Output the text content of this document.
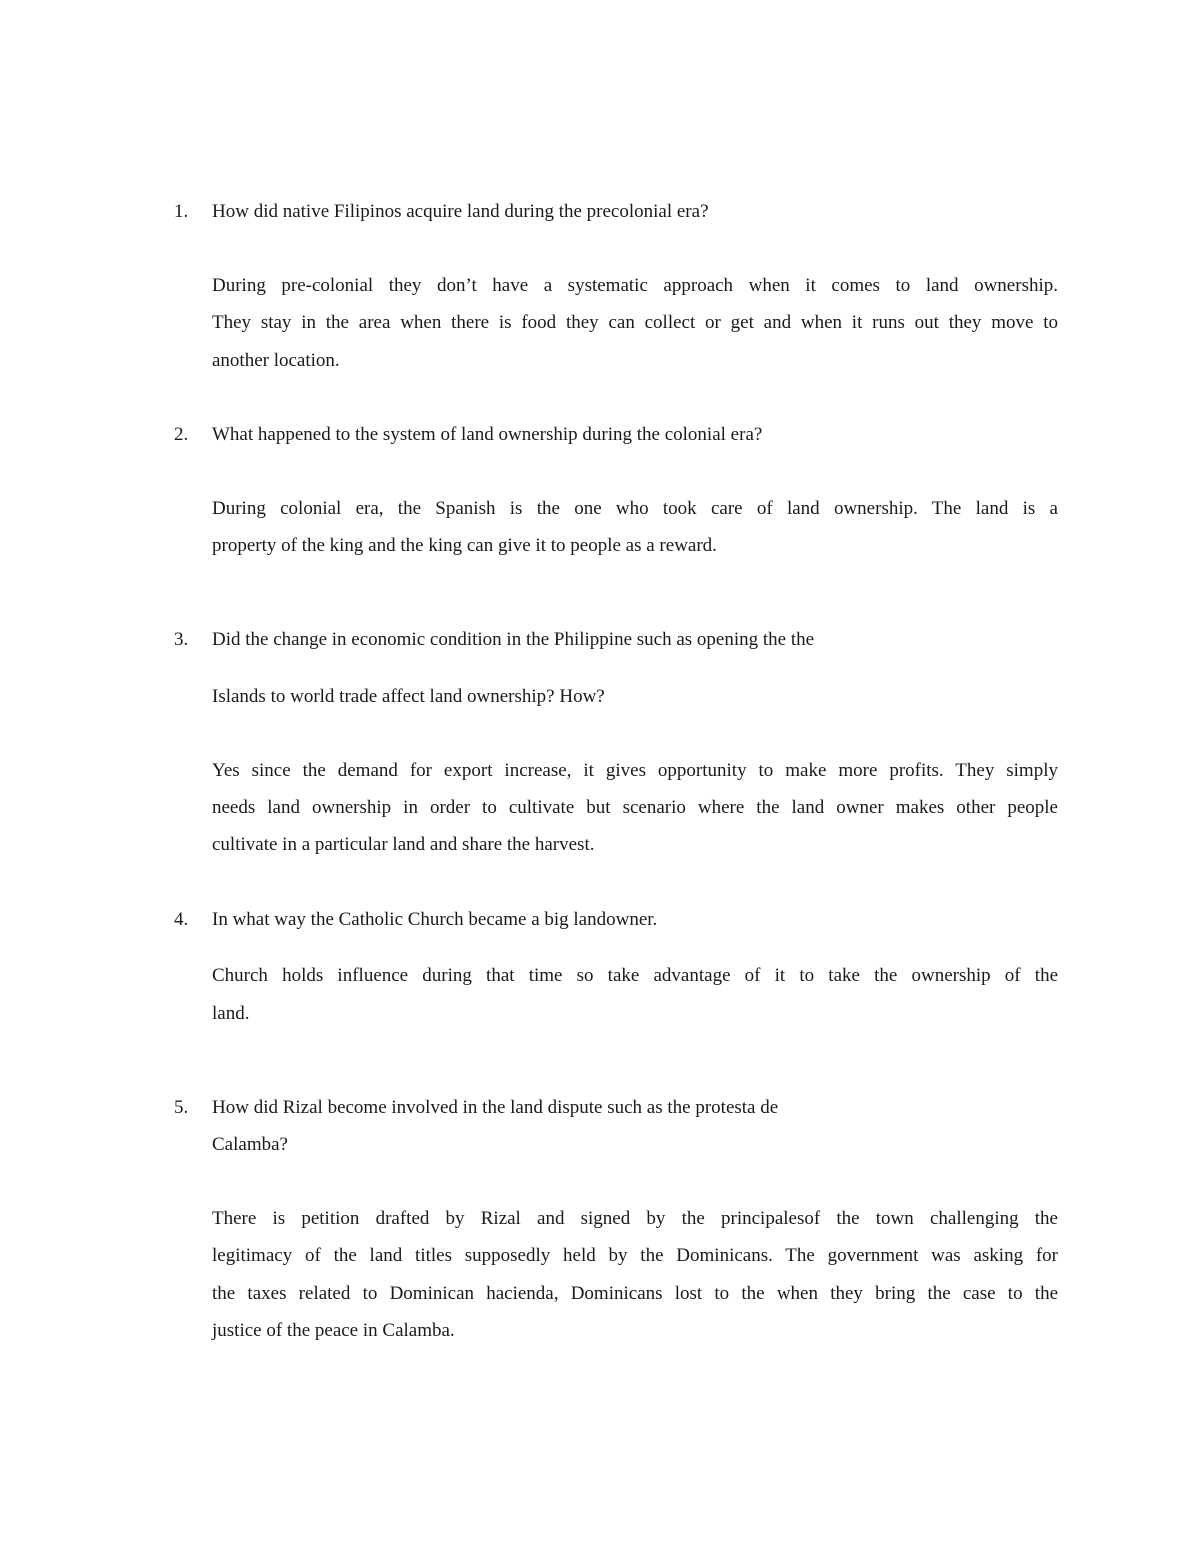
1. How did native Filipinos acquire land during the precolonial era?
During pre-colonial they don’t have a systematic approach when it comes to land ownership.
They stay in the area when there is food they can collect or get and when it runs out they move to
another location.
2. What happened to the system of land ownership during the colonial era?
During colonial era, the Spanish is the one who took care of land ownership. The land is a
property of the king and the king can give it to people as a reward.
3. Did the change in economic condition in the Philippine such as opening the the
Islands to world trade affect land ownership? How?
Yes since the demand for export increase, it gives opportunity to make more profits. They simply
needs land ownership in order to cultivate but scenario where the land owner makes other people
cultivate in a particular land and share the harvest.
4. In what way the Catholic Church became a big landowner.
Church holds influence during that time so take advantage of it to take the ownership of the
land.
5. How did Rizal become involved in the land dispute such as the protesta de
Calamba?
There is petition drafted by Rizal and signed by the principalesof the town challenging the
legitimacy of the land titles supposedly held by the Dominicans. The government was asking for
the taxes related to Dominican hacienda, Dominicans lost to the when they bring the case to the
justice of the peace in Calamba.
